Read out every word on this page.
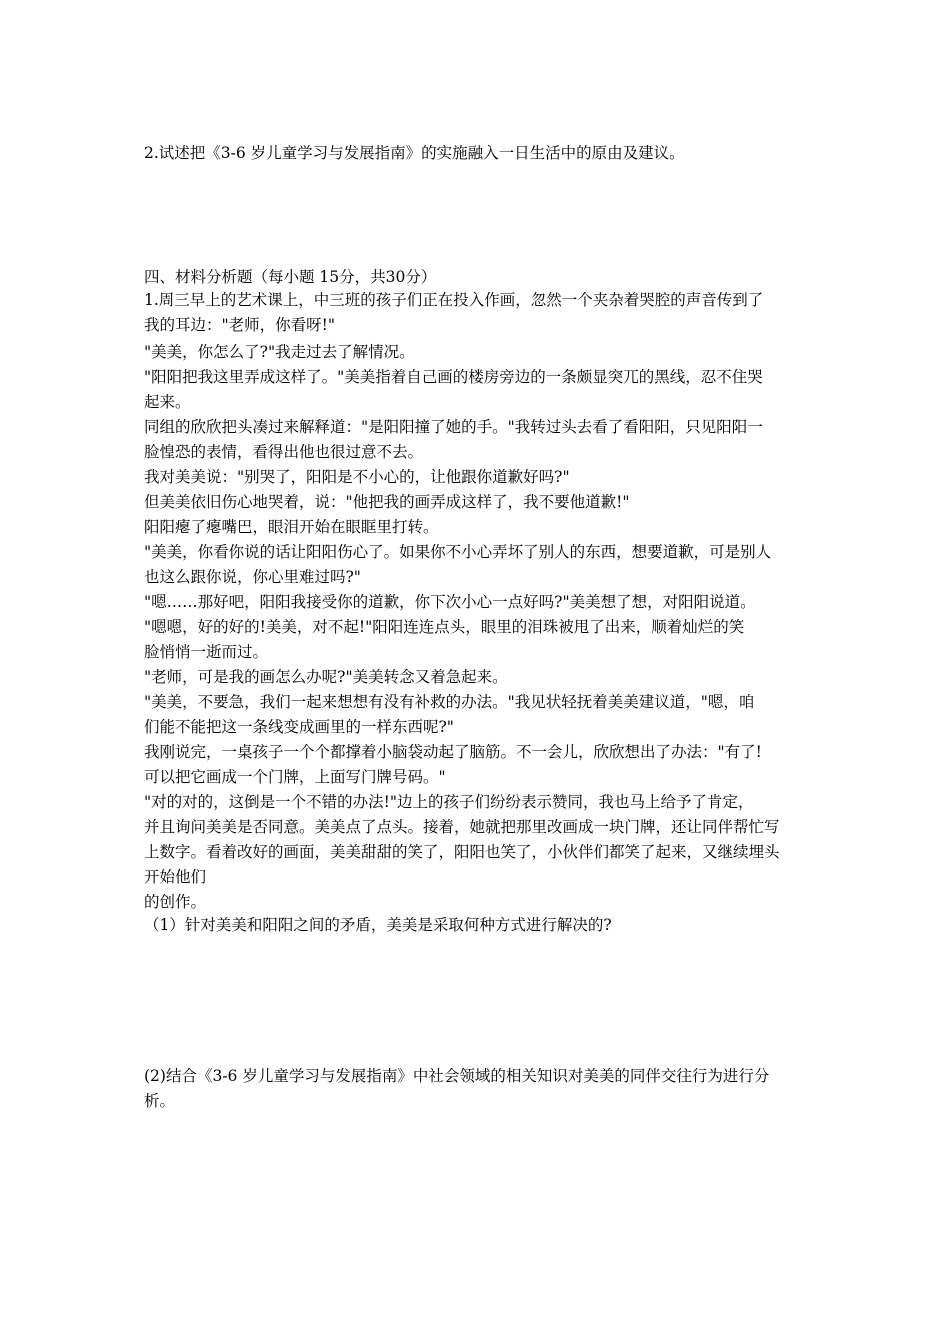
2.试述把《3-6 岁儿童学习与发展指南》的实施融入一日生活中的原由及建议。
四、材料分析题（每小题 15分，共30分）
1.周三早上的艺术课上，中三班的孩子们正在投入作画，忽然一个夹杂着哭腔的声音传到了
我的耳边："老师，你看呀!"
"美美，你怎么了?"我走过去了解情况。
"阳阳把我这里弄成这样了。"美美指着自己画的楼房旁边的一条颇显突兀的黑线，忍不住哭
起来。
同组的欣欣把头凑过来解释道："是阳阳撞了她的手。"我转过头去看了看阳阳，只见阳阳一
脸惶恐的表情，看得出他也很过意不去。
我对美美说："别哭了，阳阳是不小心的，让他跟你道歉好吗?"
但美美依旧伤心地哭着，说："他把我的画弄成这样了，我不要他道歉!"
阳阳瘪了瘪嘴巴，眼泪开始在眼眶里打转。
"美美，你看你说的话让阳阳伤心了。如果你不小心弄坏了别人的东西，想要道歉，可是别人
也这么跟你说，你心里难过吗?"
"嗯……那好吧，阳阳我接受你的道歉，你下次小心一点好吗?"美美想了想，对阳阳说道。
"嗯嗯，好的好的!美美，对不起!"阳阳连连点头，眼里的泪珠被甩了出来，顺着灿烂的笑
脸悄悄一逝而过。
"老师，可是我的画怎么办呢?"美美转念又着急起来。
"美美，不要急，我们一起来想想有没有补救的办法。"我见状轻抚着美美建议道，"嗯，咱
们能不能把这一条线变成画里的一样东西呢?"
我刚说完，一桌孩子一个个都撑着小脑袋动起了脑筋。不一会儿，欣欣想出了办法："有了!
可以把它画成一个门牌，上面写门牌号码。"
"对的对的，这倒是一个不错的办法!"边上的孩子们纷纷表示赞同，我也马上给予了肯定，
并且询问美美是否同意。美美点了点头。接着，她就把那里改画成一块门牌，还让同伴帮忙写
上数字。看着改好的画面，美美甜甜的笑了，阳阳也笑了，小伙伴们都笑了起来，又继续埋头
开始他们
的创作。
（1）针对美美和阳阳之间的矛盾，美美是采取何种方式进行解决的?
(2)结合《3-6 岁儿童学习与发展指南》中社会领域的相关知识对美美的同伴交往行为进行分
析。
